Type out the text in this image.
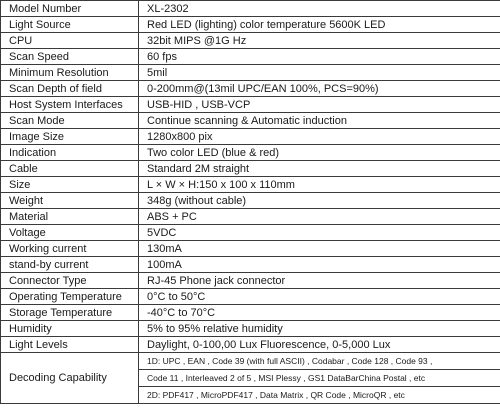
Model Number	XL-2302
Light Source	Red LED (lighting) color temperature 5600K LED
CPU	32bit MIPS @1G Hz
Scan Speed	60 fps
Minimum Resolution	5mil
Scan Depth of field	0-200mm@(13mil UPC/EAN 100%, PCS=90%)
Host System Interfaces	USB-HID , USB-VCP
Scan Mode	Continue scanning & Automatic induction
Image Size	1280x800 pix
Indication	Two color LED (blue & red)
Cable	Standard 2M straight
Size	L × W × H:150 x 100 x 110mm
Weight	348g (without cable)
Material	ABS + PC
Voltage	5VDC
Working current	130mA
stand-by current	100mA
Connector Type	RJ-45 Phone jack connector
Operating Temperature	0°C to 50°C
Storage Temperature	-40°C to 70°C
Humidity	5% to 95% relative humidity
Light Levels	Daylight, 0-100,00 Lux Fluorescence, 0-5,000 Lux
Decoding Capability	1D: UPC , EAN , Code 39 (with full ASCII) , Codabar , Code 128 , Code 93 ,
	Code 11 , Interleaved 2 of 5 , MSI Plessy , GS1 DataBarChina Postal , etc
	2D: PDF417 , MicroPDF417 , Data Matrix , QR Code , MicroQR , etc
